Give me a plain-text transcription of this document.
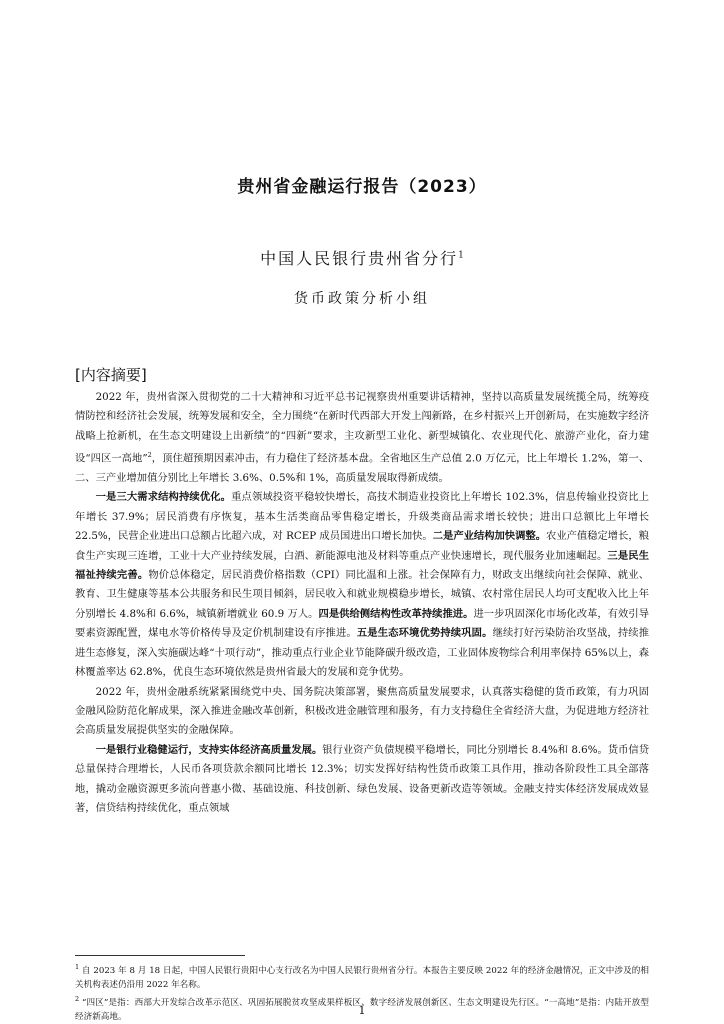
贵州省金融运行报告（2023）
中国人民银行贵州省分行$^1$
货币政策分析小组
[内容摘要]

2022 年，贵州省深入贯彻党的二十大精神和习近平总书记视察贵州重要讲话精神，坚持以高质量发展统揽全局，统筹疫情防控和经济社会发展，统筹发展和安全，全力围绕“在新时代西部大开发上闯新路，在乡村振兴上开创新局，在实施数字经济战略上抢新机，在生态文明建设上出新绩”的“四新”要求，主攻新型工业化、新型城镇化、农业现代化、旅游产业化，奋力建设“四区一高地”$^2$，顶住超预期因素冲击，有力稳住了经济基本盘。全省地区生产总值 2.0 万亿元，比上年增长 1.2%，第一、二、三产业增加值分别比上年增长 3.6%、0.5%和 1%，高质量发展取得新成绩。

一是三大需求结构持续优化。重点领域投资平稳较快增长，高技术制造业投资比上年增长 102.3%，信息传输业投资比上年增长 37.9%；居民消费有序恢复，基本生活类商品零售稳定增长，升级类商品需求增长较快；进出口总额比上年增长 22.5%，民营企业进出口总额占比超六成，对 RCEP 成员国进出口增长加快。二是产业结构加快调整。农业产值稳定增长，粮食生产实现三连增，工业十大产业持续发展，白酒、新能源电池及材料等重点产业快速增长，现代服务业加速崛起。三是民生福祉持续完善。物价总体稳定，居民消费价格指数（CPI）同比温和上涨。社会保障有力，财政支出继续向社会保障、就业、教育、卫生健康等基本公共服务和民生项目倾斜，居民收入和就业规模稳步增长，城镇、农村常住居民人均可支配收入比上年分别增长 4.8%和 6.6%，城镇新增就业 60.9 万人。四是供给侧结构性改革持续推进。进一步巩固深化市场化改革，有效引导要素资源配置，煤电水等价格传导及定价机制建设有序推进。五是生态环境优势持续巩固。继续打好污染防治攻坚战，持续推进生态修复，深入实施碳达峰“十项行动”，推动重点行业企业节能降碳升级改造，工业固体废物综合利用率保持 65%以上，森林覆盖率达 62.8%，优良生态环境依然是贵州省最大的发展和竞争优势。

2022 年，贵州金融系统紧紧围绕党中央、国务院决策部署，聚焦高质量发展要求，认真落实稳健的货币政策，有力巩固金融风险防范化解成果，深入推进金融改革创新，积极改进金融管理和服务，有力支持稳住全省经济大盘，为促进地方经济社会高质量发展提供坚实的金融保障。

一是银行业稳健运行，支持实体经济高质量发展。银行业资产负债规模平稳增长，同比分别增长 8.4%和 8.6%。货币信贷总量保持合理增长，人民币各项贷款余额同比增长 12.3%；切实发挥好结构性货币政策工具作用，推动各阶段性工具全部落地，撬动金融资源更多流向普惠小微、基础设施、科技创新、绿色发展、设备更新改造等领域。金融支持实体经济发展成效显著，信贷结构持续优化，重点领域

$^1$ 自 2023 年 8 月 18 日起，中国人民银行贵阳中心支行改名为中国人民银行贵州省分行。本报告主要反映 2022 年的经济金融情况，正文中涉及的相关机构表述仍沿用 2022 年名称。

$^2$ “四区”是指：西部大开发综合改革示范区、巩固拓展脱贫攻坚成果样板区、数字经济发展创新区、生态文明建设先行区。“一高地”是指：内陆开放型经济新高地。	1
